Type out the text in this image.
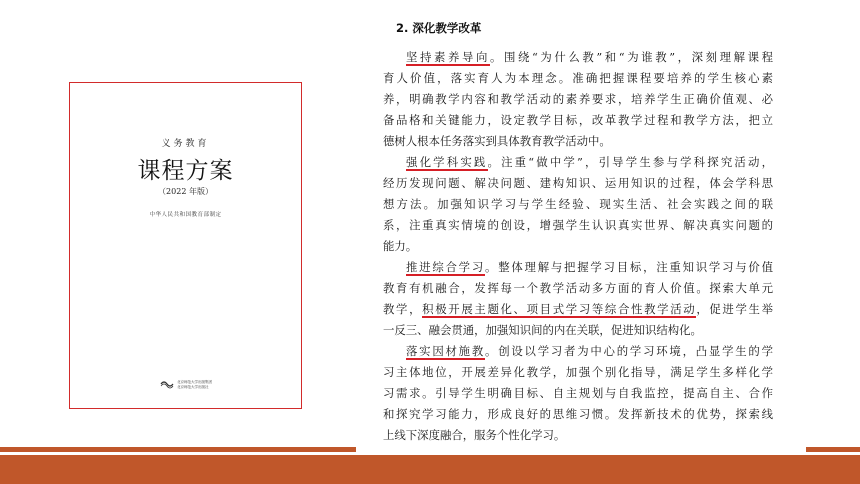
义务教育
课程方案
（2022 年版）
中华人民共和国教育部制定
北京师范大学出版集团
北京师范大学出版社
2. 深化教学改革
坚持素养导向。围绕“为什么教”和“为谁教”，深刻理解课程
育人价值，落实育人为本理念。准确把握课程要培养的学生核心素
养，明确教学内容和教学活动的素养要求，培养学生正确价值观、必
备品格和关键能力，设定教学目标，改革教学过程和教学方法，把立
德树人根本任务落实到具体教育教学活动中。
强化学科实践。注重“做中学”，引导学生参与学科探究活动，
经历发现问题、解决问题、建构知识、运用知识的过程，体会学科思
想方法。加强知识学习与学生经验、现实生活、社会实践之间的联
系，注重真实情境的创设，增强学生认识真实世界、解决真实问题的
能力。
推进综合学习。整体理解与把握学习目标，注重知识学习与价值
教育有机融合，发挥每一个教学活动多方面的育人价值。探索大单元
教学，积极开展主题化、项目式学习等综合性教学活动，促进学生举
一反三、融会贯通，加强知识间的内在关联，促进知识结构化。
落实因材施教。创设以学习者为中心的学习环境，凸显学生的学
习主体地位，开展差异化教学，加强个别化指导，满足学生多样化学
习需求。引导学生明确目标、自主规划与自我监控，提高自主、合作
和探究学习能力，形成良好的思维习惯。发挥新技术的优势，探索线
上线下深度融合，服务个性化学习。
